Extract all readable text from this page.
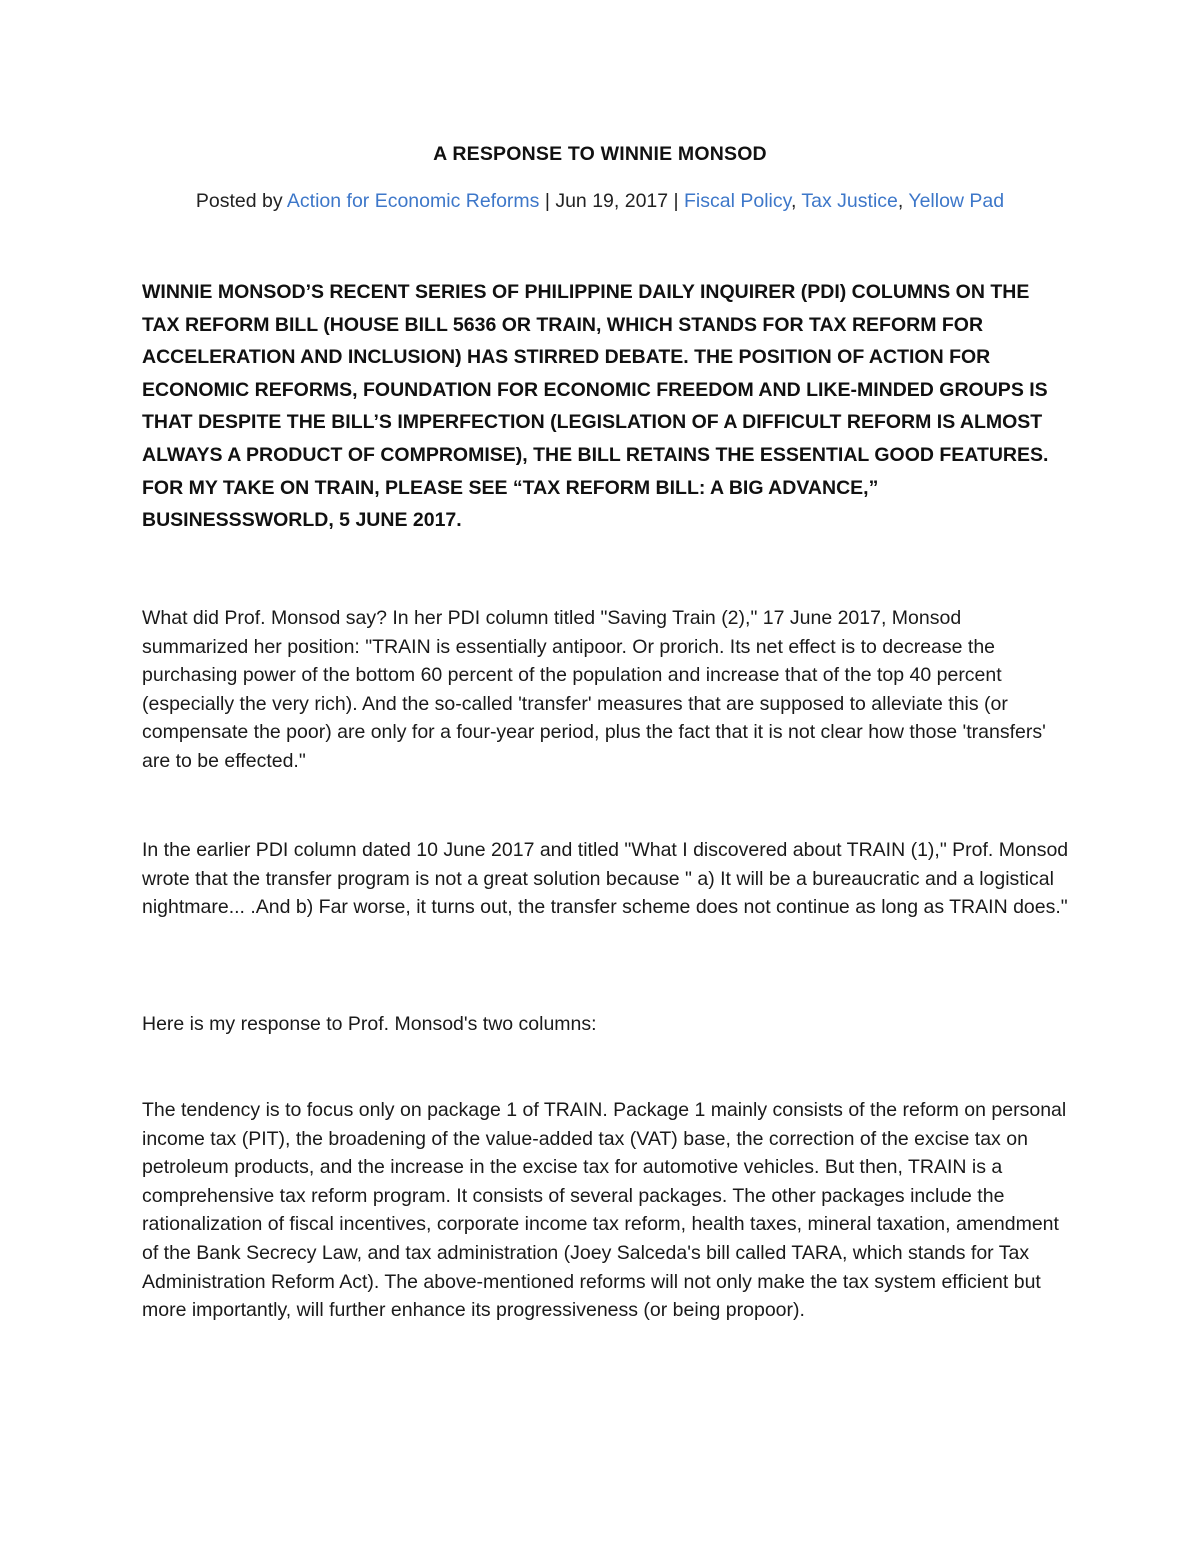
A RESPONSE TO WINNIE MONSOD
Posted by Action for Economic Reforms | Jun 19, 2017 | Fiscal Policy, Tax Justice, Yellow Pad
WINNIE MONSOD’S RECENT SERIES OF PHILIPPINE DAILY INQUIRER (PDI) COLUMNS ON THE TAX REFORM BILL (HOUSE BILL 5636 OR TRAIN, WHICH STANDS FOR TAX REFORM FOR ACCELERATION AND INCLUSION) HAS STIRRED DEBATE. THE POSITION OF ACTION FOR ECONOMIC REFORMS, FOUNDATION FOR ECONOMIC FREEDOM AND LIKE-MINDED GROUPS IS THAT DESPITE THE BILL’S IMPERFECTION (LEGISLATION OF A DIFFICULT REFORM IS ALMOST ALWAYS A PRODUCT OF COMPROMISE), THE BILL RETAINS THE ESSENTIAL GOOD FEATURES. FOR MY TAKE ON TRAIN, PLEASE SEE “TAX REFORM BILL: A BIG ADVANCE,” BUSINESSSWORLD, 5 JUNE 2017.
What did Prof. Monsod say? In her PDI column titled "Saving Train (2)," 17 June 2017, Monsod summarized her position: "TRAIN is essentially antipoor. Or prorich. Its net effect is to decrease the purchasing power of the bottom 60 percent of the population and increase that of the top 40 percent (especially the very rich). And the so-called 'transfer' measures that are supposed to alleviate this (or compensate the poor) are only for a four-year period, plus the fact that it is not clear how those 'transfers' are to be effected."
In the earlier PDI column dated 10 June 2017 and titled "What I discovered about TRAIN (1)," Prof. Monsod wrote that the transfer program is not a great solution because " a) It will be a bureaucratic and a logistical nightmare... .And b) Far worse, it turns out, the transfer scheme does not continue as long as TRAIN does."
Here is my response to Prof. Monsod's two columns:
The tendency is to focus only on package 1 of TRAIN. Package 1 mainly consists of the reform on personal income tax (PIT), the broadening of the value-added tax (VAT) base, the correction of the excise tax on petroleum products, and the increase in the excise tax for automotive vehicles. But then, TRAIN is a comprehensive tax reform program. It consists of several packages. The other packages include the rationalization of fiscal incentives, corporate income tax reform, health taxes, mineral taxation, amendment of the Bank Secrecy Law, and tax administration (Joey Salceda's bill called TARA, which stands for Tax Administration Reform Act). The above-mentioned reforms will not only make the tax system efficient but more importantly, will further enhance its progressiveness (or being propoor).
